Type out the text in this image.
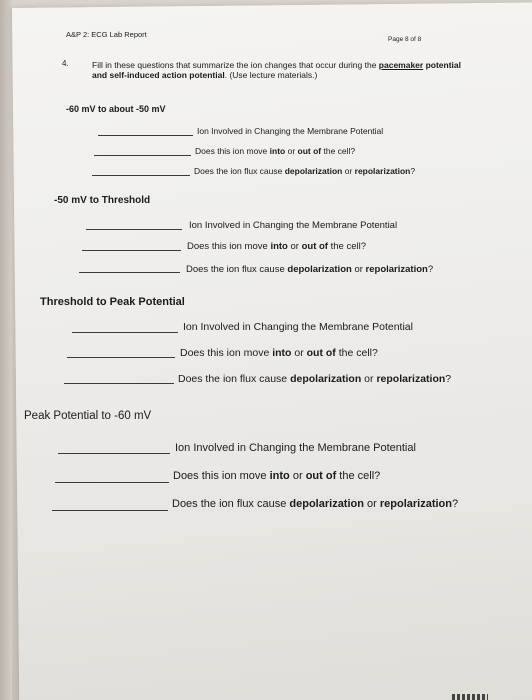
A&P 2: ECG Lab Report
Page 8 of 8
4.	Fill in these questions that summarize the ion changes that occur during the pacemaker potential and self-induced action potential. (Use lecture materials.)
-60 mV to about -50 mV
Ion Involved in Changing the Membrane Potential
Does this ion move into or out of the cell?
Does the ion flux cause depolarization or repolarization?
-50 mV to Threshold
Ion Involved in Changing the Membrane Potential
Does this ion move into or out of the cell?
Does the ion flux cause depolarization or repolarization?
Threshold to Peak Potential
Ion Involved in Changing the Membrane Potential
Does this ion move into or out of the cell?
Does the ion flux cause depolarization or repolarization?
Peak Potential to -60 mV
Ion Involved in Changing the Membrane Potential
Does this ion move into or out of the cell?
Does the ion flux cause depolarization or repolarization?
